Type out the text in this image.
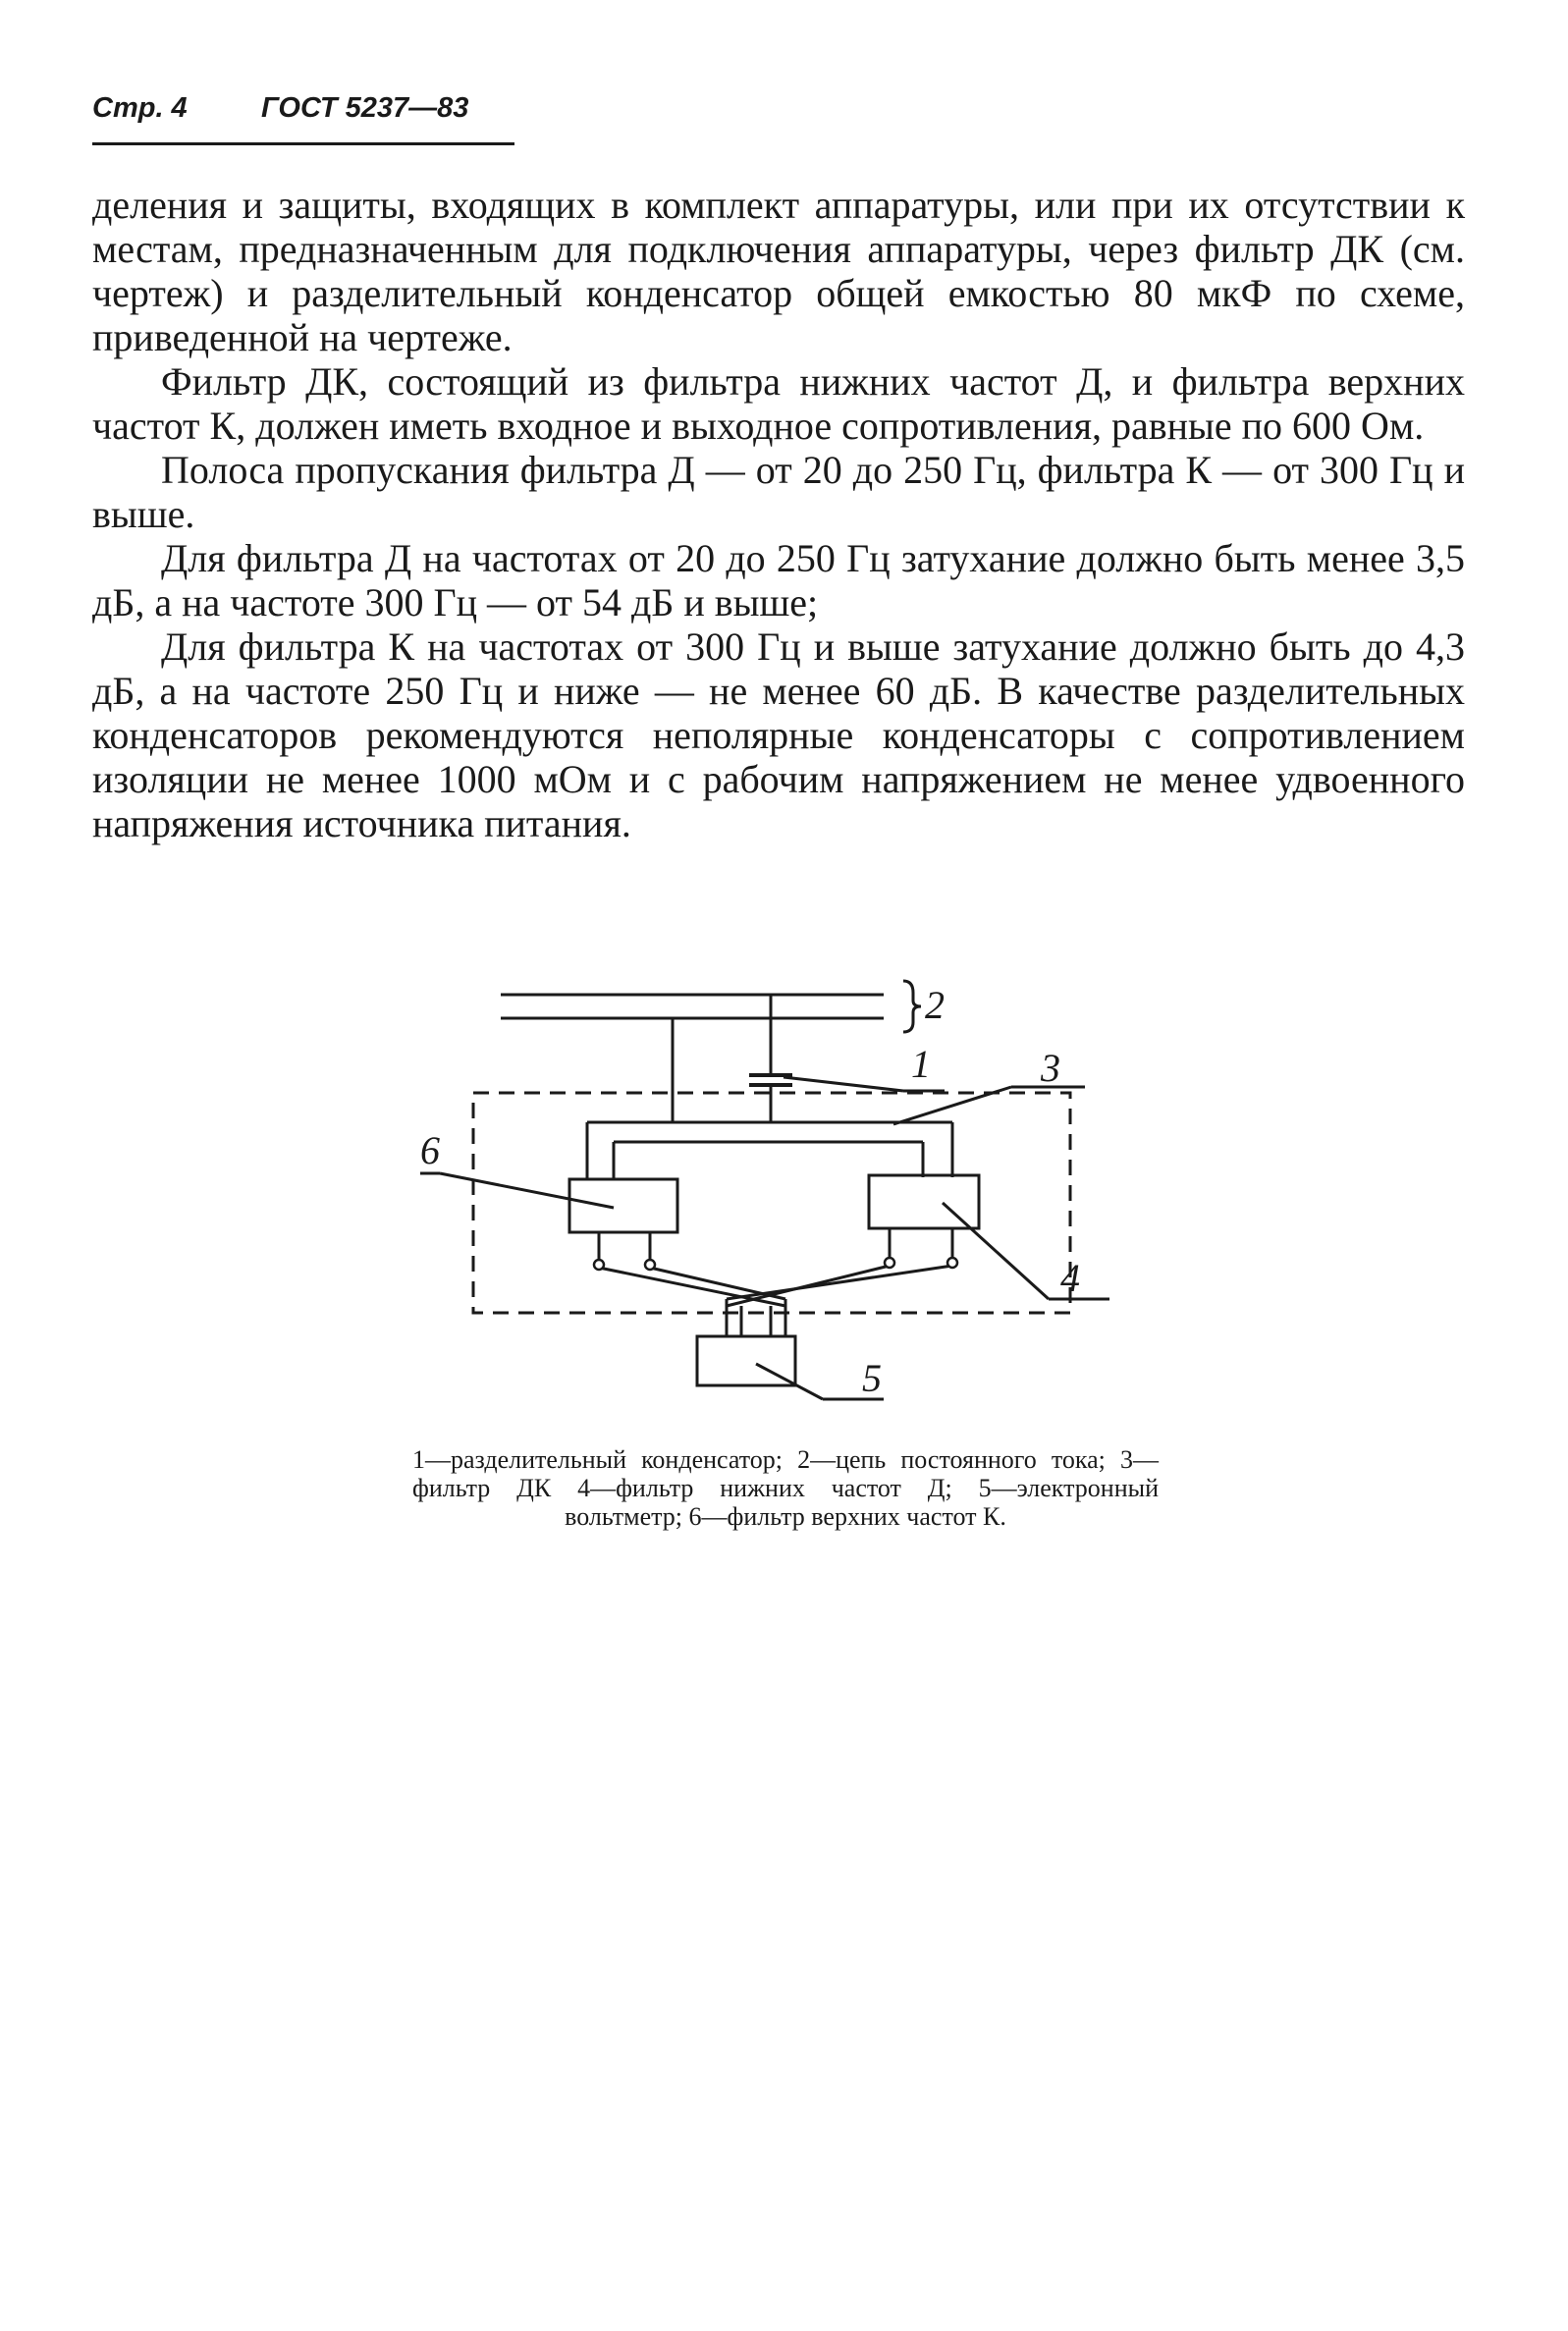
Стр. 4	ГОСТ 5237—83

деления и защиты, входящих в комплект аппаратуры, или при их отсутствии к местам, предназначенным для подключения аппаратуры, через фильтр ДК (см. чертеж) и разделительный конденсатор общей емкостью 80 мкФ по схеме, приведенной на чертеже.

Фильтр ДК, состоящий из фильтра нижних частот Д, и фильтра верхних частот К, должен иметь входное и выходное сопротивления, равные по 600 Ом.

Полоса пропускания фильтра Д — от 20 до 250 Гц, фильтра К — от 300 Гц и выше.

Для фильтра Д на частотах от 20 до 250 Гц затухание должно быть менее 3,5 дБ, а на частоте 300 Гц — от 54 дБ и выше;

Для фильтра К на частотах от 300 Гц и выше затухание должно быть до 4,3 дБ, а на частоте 250 Гц и ниже — не менее 60 дБ. В качестве разделительных конденсаторов рекомендуются неполярные конденсаторы с сопротивлением изоляции не менее 1000 мОм и с рабочим напряжением не менее удвоенного напряжения источника питания.

2
1	3
6
4
5
1—разделительный конденсатор; 2—цепь постоянного тока; 3—фильтр ДК 4—фильтр нижних частот Д; 5—электронный вольтметр; 6—фильтр верхних частот К.
